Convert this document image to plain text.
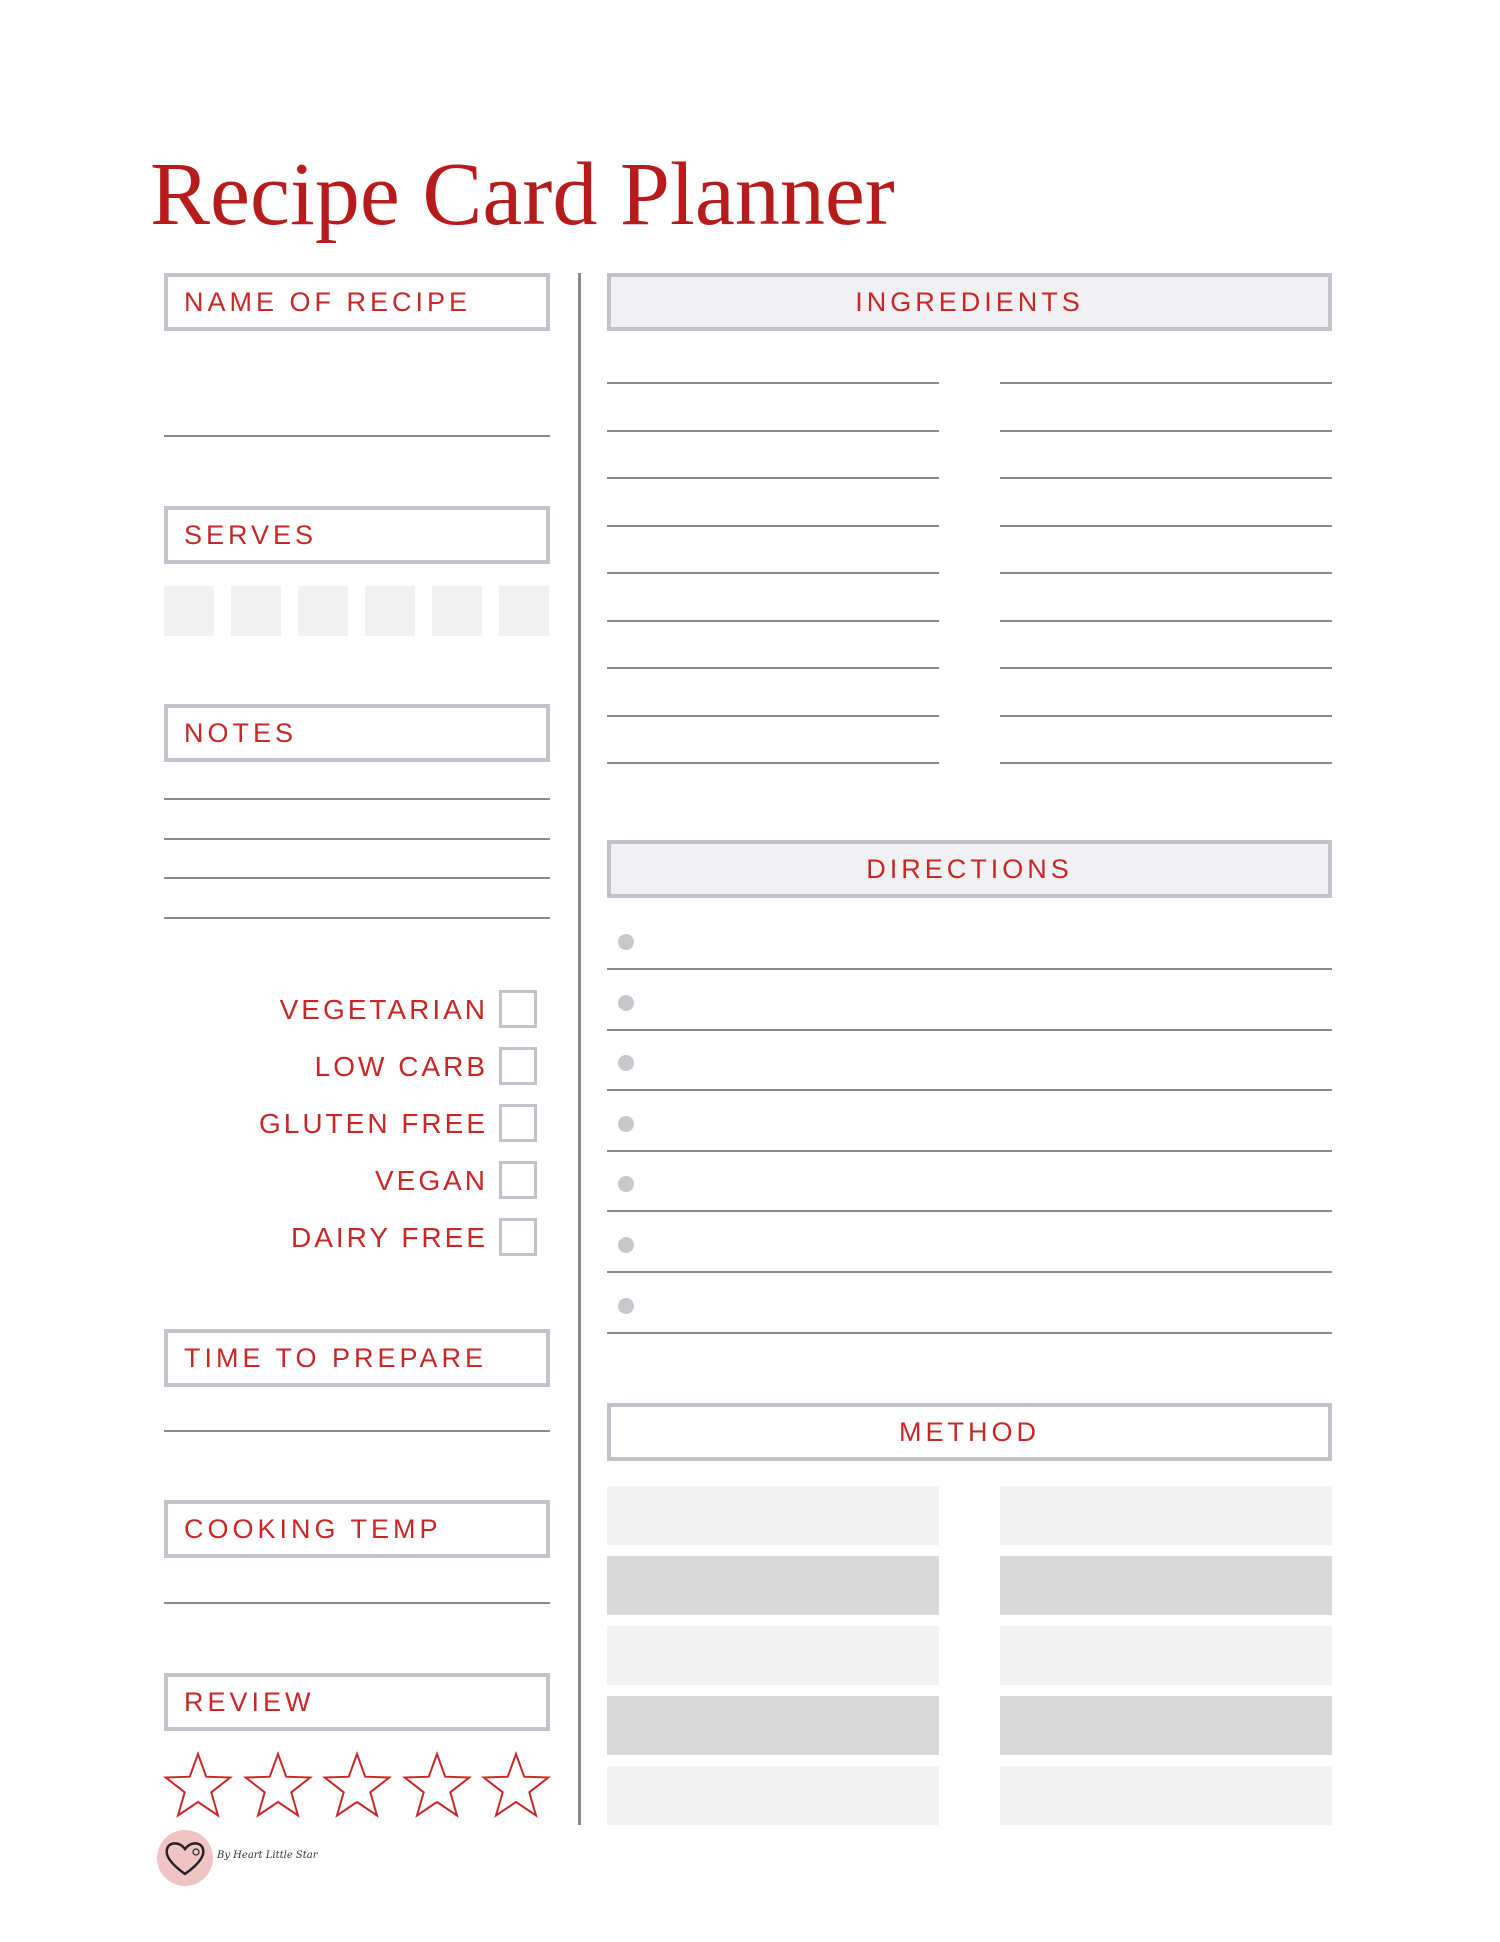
Recipe Card Planner
NAME OF RECIPE
SERVES
NOTES
VEGETARIAN
LOW CARB
GLUTEN FREE
VEGAN
DAIRY FREE
TIME TO PREPARE
COOKING TEMP
REVIEW
INGREDIENTS
DIRECTIONS
METHOD
By Heart Little Star
